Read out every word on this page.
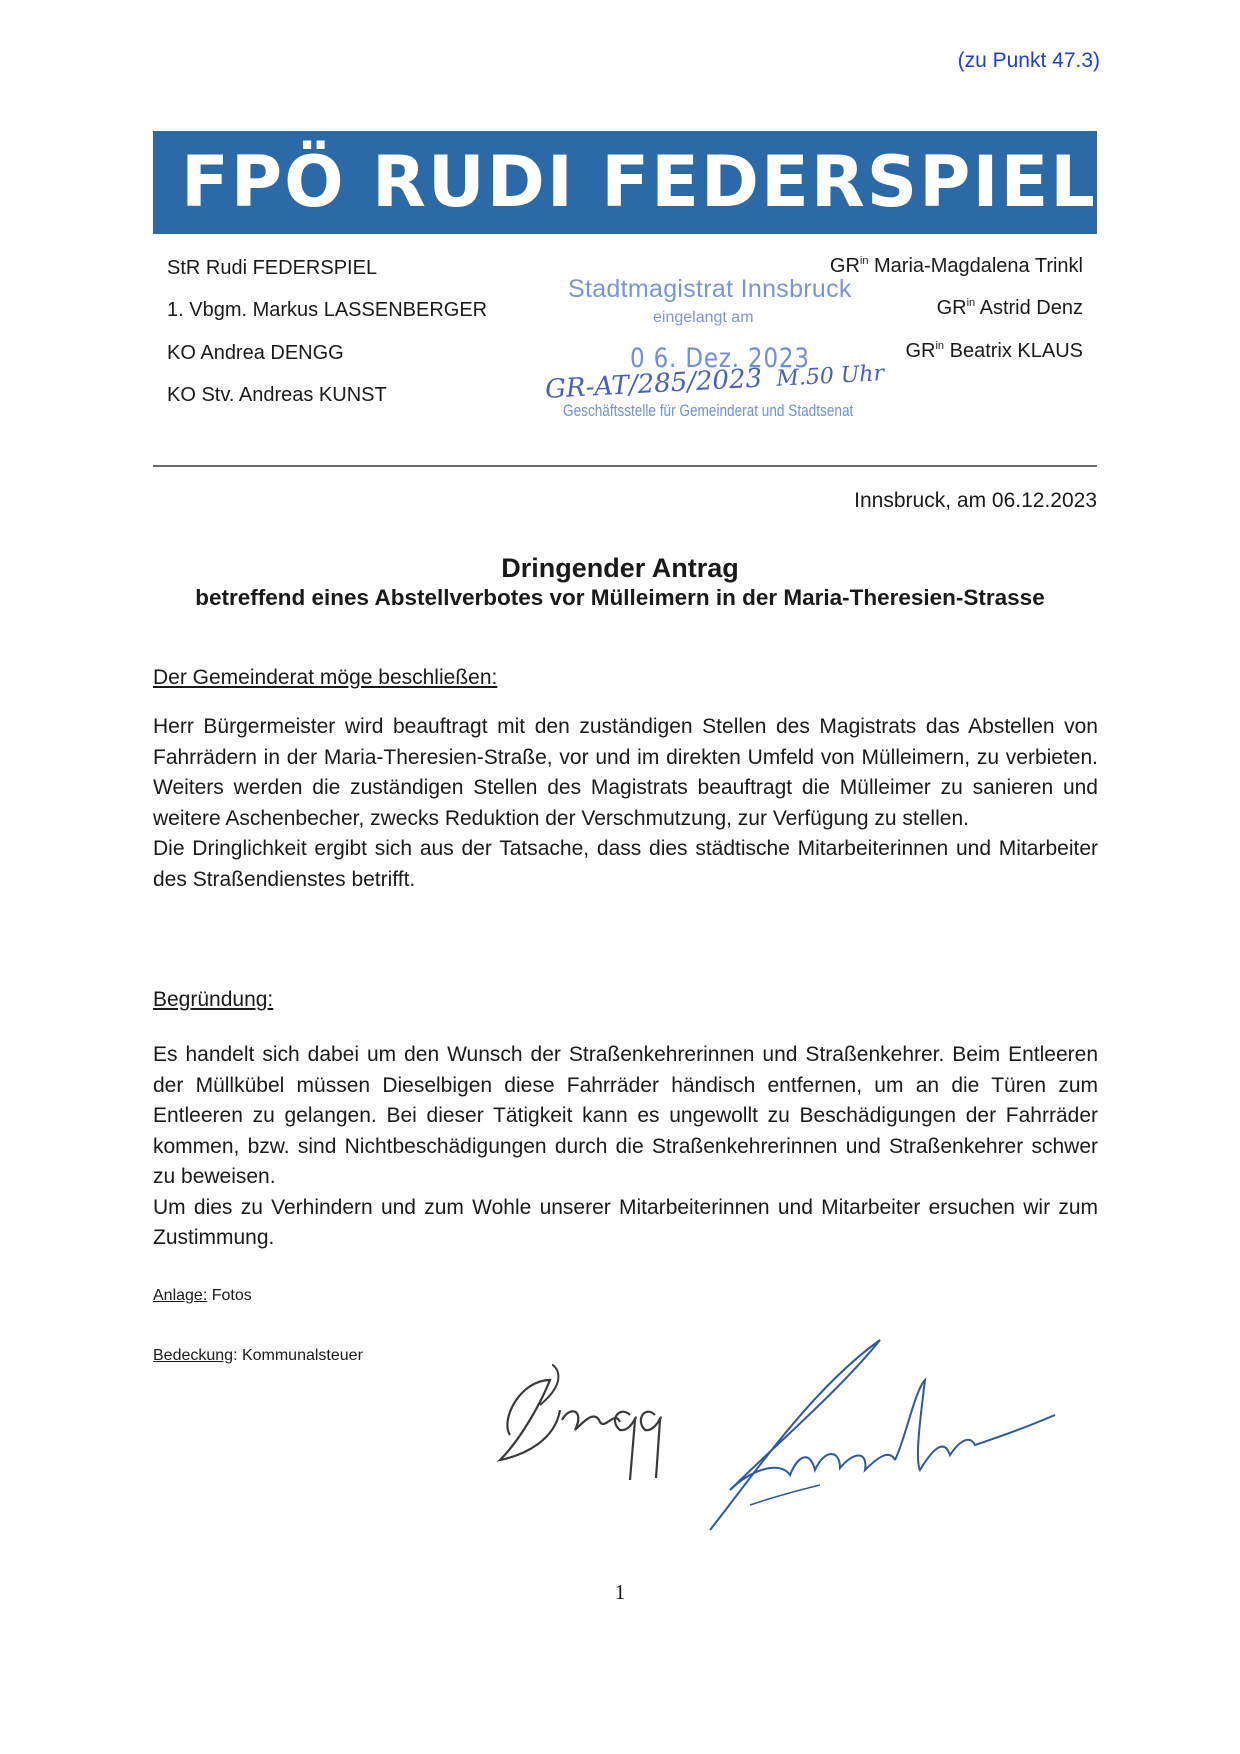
(zu Punkt 47.3)
FPÖ RUDI FEDERSPIEL
StR Rudi FEDERSPIEL
1. Vbgm. Markus LASSENBERGER
KO Andrea DENGG
KO Stv. Andreas KUNST
$GR^{in}$ Maria-Magdalena Trinkl
$GR^{in}$ Astrid Denz
$GR^{in}$ Beatrix KLAUS
Stadtmagistrat Innsbruck
eingelangt am
0 6. Dez. 2023
GR-AT/285/2023 M.50 Uhr
Geschäftsstelle für Gemeinderat und Stadtsenat
Innsbruck, am 06.12.2023
Dringender Antrag
betreffend eines Abstellverbotes vor Mülleimern in der Maria-Theresien-Strasse
Der Gemeinderat möge beschließen:

Herr Bürgermeister wird beauftragt mit den zuständigen Stellen des Magistrats das Abstellen von Fahrrädern in der Maria-Theresien-Straße, vor und im direkten Umfeld von Mülleimern, zu verbieten. Weiters werden die zuständigen Stellen des Magistrats beauftragt die Mülleimer zu sanieren und weitere Aschenbecher, zwecks Reduktion der Verschmutzung, zur Verfügung zu stellen.

Die Dringlichkeit ergibt sich aus der Tatsache, dass dies städtische Mitarbeiterinnen und Mitarbeiter des Straßendienstes betrifft.

Begründung:

Es handelt sich dabei um den Wunsch der Straßenkehrerinnen und Straßenkehrer. Beim Entleeren der Müllkübel müssen Dieselbigen diese Fahrräder händisch entfernen, um an die Türen zum Entleeren zu gelangen. Bei dieser Tätigkeit kann es ungewollt zu Beschädigungen der Fahrräder kommen, bzw. sind Nichtbeschädigungen durch die Straßenkehrerinnen und Straßenkehrer schwer zu beweisen.

Um dies zu Verhindern und zum Wohle unserer Mitarbeiterinnen und Mitarbeiter ersuchen wir zum Zustimmung.

Anlage: Fotos
Bedeckung: Kommunalsteuer
1
